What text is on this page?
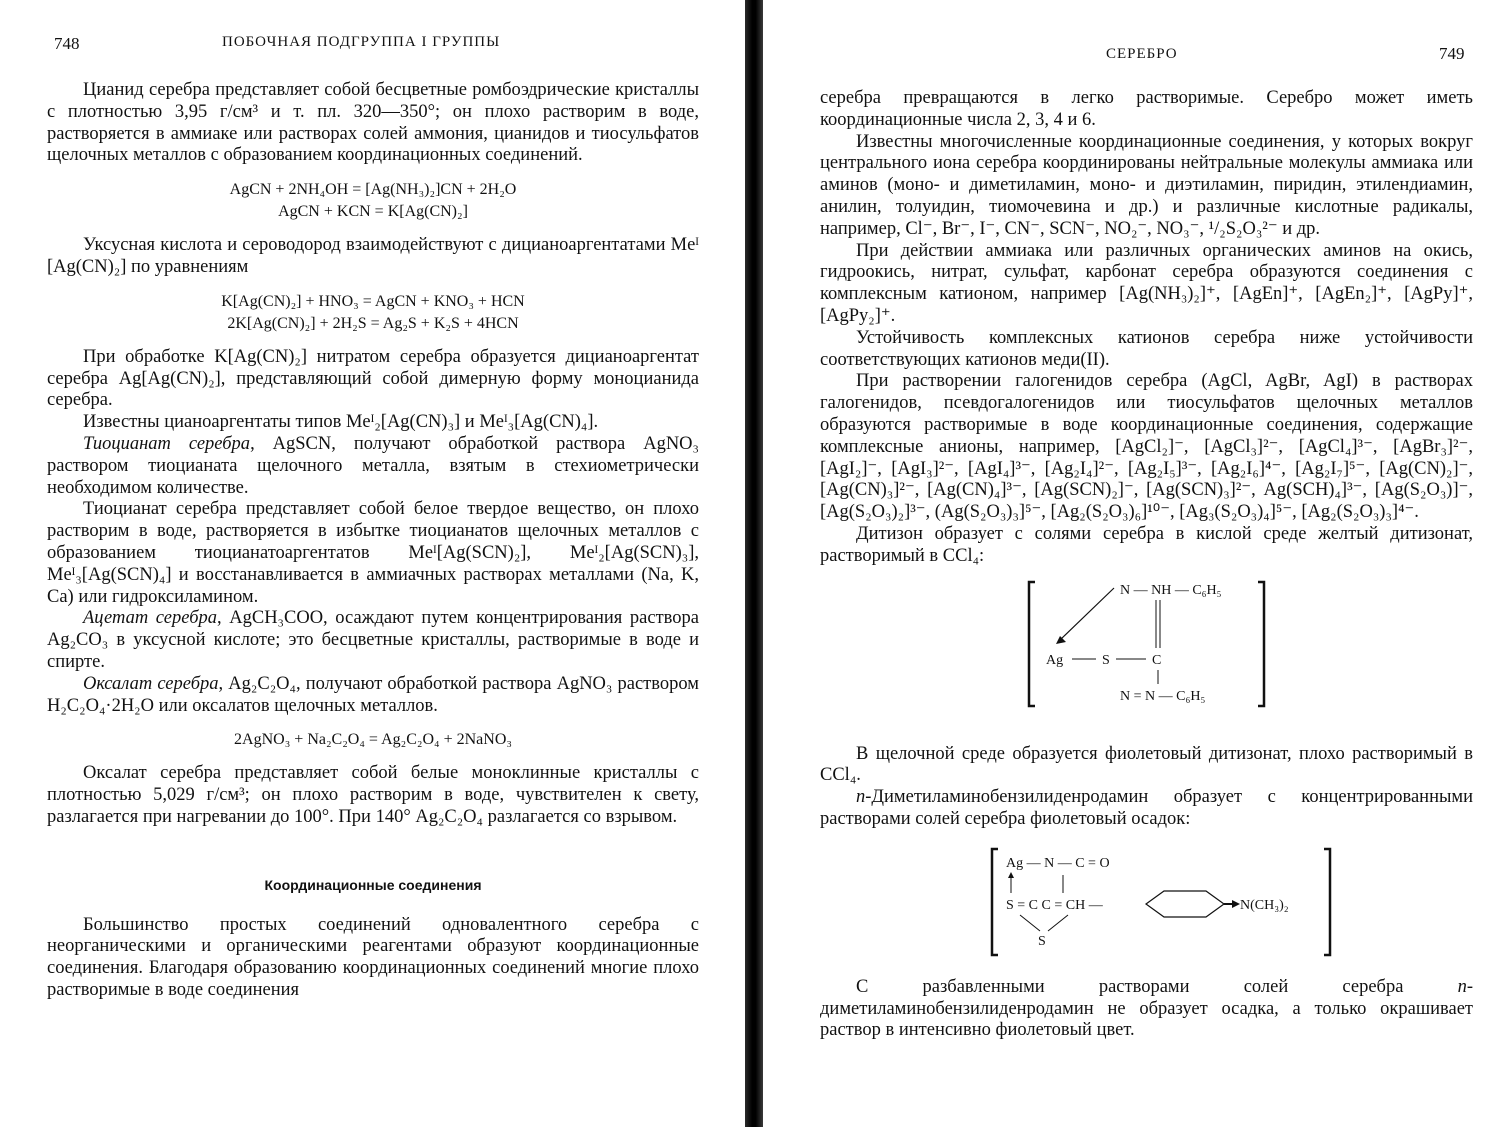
748	ПОБОЧНАЯ ПОДГРУППА I ГРУППЫ

Цианид серебра представляет собой бесцветные ромбоэдрические кристаллы с плотностью 3,95 г/см³ и т. пл. 320—350°; он плохо растворим в воде, растворяется в аммиаке или растворах солей аммония, цианидов и тиосульфатов щелочных металлов с образованием координационных соединений.

AgCN + 2NH₄OH = [Ag(NH₃)₂]CN + 2H₂O
AgCN + KCN = K[Ag(CN)₂]

Уксусная кислота и сероводород взаимодействуют с дицианоаргентатами Meᴵ [Ag(CN)₂] по уравнениям

K[Ag(CN)₂] + HNO₃ = AgCN + KNO₃ + HCN
2K[Ag(CN)₂] + 2H₂S = Ag₂S + K₂S + 4HCN

При обработке K[Ag(CN)₂] нитратом серебра образуется дицианоаргентат серебра Ag[Ag(CN)₂], представляющий собой димерную форму моноцианида серебра.

Известны цианоаргентаты типов Meᴵ₂[Ag(CN)₃] и Meᴵ₃[Ag(CN)₄].

Тиоцианат серебра, AgSCN, получают обработкой раствора AgNO₃ раствором тиоцианата щелочного металла, взятым в стехиометрически необходимом количестве.

Тиоцианат серебра представляет собой белое твердое вещество, он плохо растворим в воде, растворяется в избытке тиоцианатов щелочных металлов с образованием тиоцианатоаргентатов Meᴵ[Ag(SCN)₂], Meᴵ₂[Ag(SCN)₃], Meᴵ₃[Ag(SCN)₄] и восстанавливается в аммиачных растворах металлами (Na, K, Ca) или гидроксиламином.

Ацетат серебра, AgCH₃COO, осаждают путем концентрирования раствора Ag₂CO₃ в уксусной кислоте; это бесцветные кристаллы, растворимые в воде и спирте.

Оксалат серебра, Ag₂C₂O₄, получают обработкой раствора AgNO₃ раствором H₂C₂O₄·2H₂O или оксалатов щелочных металлов.

2AgNO₃ + Na₂C₂O₄ = Ag₂C₂O₄ + 2NaNO₃

Оксалат серебра представляет собой белые моноклинные кристаллы с плотностью 5,029 г/см³; он плохо растворим в воде, чувствителен к свету, разлагается при нагревании до 100°. При 140° Ag₂C₂O₄ разлагается со взрывом.

Координационные соединения

Большинство простых соединений одновалентного серебра с неорганическими и органическими реагентами образуют координационные соединения. Благодаря образованию координационных соединений многие плохо растворимые в воде соединения

СЕРЕБРО	749

серебра превращаются в легко растворимые. Серебро может иметь координационные числа 2, 3, 4 и 6.

Известны многочисленные координационные соединения, у которых вокруг центрального иона серебра координированы нейтральные молекулы аммиака или аминов (моно- и диметиламин, моно- и диэтиламин, пиридин, этилендиамин, анилин, толуидин, тиомочевина и др.) и различные кислотные радикалы, например, Cl⁻, Br⁻, I⁻, CN⁻, SCN⁻, NO₂⁻, NO₃⁻, ¹/₂S₂O₃²⁻ и др.

При действии аммиака или различных органических аминов на окись, гидроокись, нитрат, сульфат, карбонат серебра образуются соединения с комплексным катионом, например [Ag(NH₃)₂]⁺, [AgEn]⁺, [AgEn₂]⁺, [AgPy]⁺, [AgPy₂]⁺.

Устойчивость комплексных катионов серебра ниже устойчивости соответствующих катионов меди(II).

При растворении галогенидов серебра (AgCl, AgBr, AgI) в растворах галогенидов, псевдогалогенидов или тиосульфатов щелочных металлов образуются растворимые в воде координационные соединения, содержащие комплексные анионы, например, [AgCl₂]⁻, [AgCl₃]²⁻, [AgCl₄]³⁻, [AgBr₃]²⁻, [AgI₂]⁻, [AgI₃]²⁻, [AgI₄]³⁻, [Ag₂I₄]²⁻, [Ag₂I₅]³⁻, [Ag₂I₆]⁴⁻, [Ag₂I₇]⁵⁻, [Ag(CN)₂]⁻, [Ag(CN)₃]²⁻, [Ag(CN)₄]³⁻, [Ag(SCN)₂]⁻, [Ag(SCN)₃]²⁻, Ag(SCH)₄]³⁻, [Ag(S₂O₃)]⁻, [Ag(S₂O₃)₂]³⁻, (Ag(S₂O₃)₃]⁵⁻, [Ag₂(S₂O₃)₆]¹⁰⁻, [Ag₃(S₂O₃)₄]⁵⁻, [Ag₂(S₂O₃)₃]⁴⁻.

Дитизон образует с солями серебра в кислой среде желтый дитизонат, растворимый в CCl₄:

N — NH — C₆H₅
Ag	S	C
N = N — C₆H₅

В щелочной среде образуется фиолетовый дитизонат, плохо растворимый в CCl₄.

n-Диметиламинобензилиденродамин образует с концентрированными растворами солей серебра фиолетовый осадок:

Ag — N — C = O
S = C C = CH —
S
N(CH₃)₂

С разбавленными растворами солей серебра n-диметиламинобензилиденродамин не образует осадка, а только окрашивает раствор в интенсивно фиолетовый цвет.
